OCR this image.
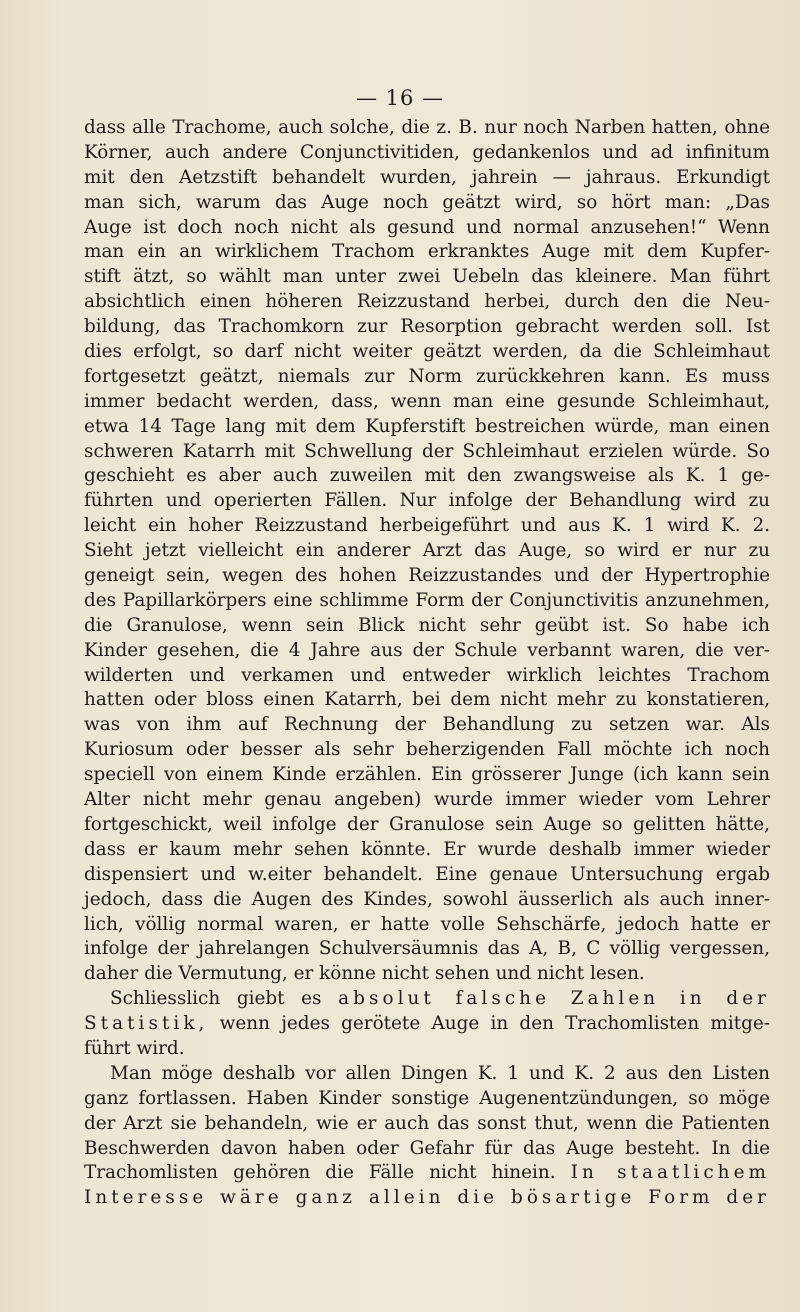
— 16 —
dass alle Trachome, auch solche, die z. B. nur noch Narben hatten, ohne
Körner, auch andere Conjunctivitiden, gedankenlos und ad infinitum
mit den Aetzstift behandelt wurden, jahrein — jahraus. Erkundigt
man sich, warum das Auge noch geätzt wird, so hört man: „Das
Auge ist doch noch nicht als gesund und normal anzusehen!“ Wenn
man ein an wirklichem Trachom erkranktes Auge mit dem Kupfer-
stift ätzt, so wählt man unter zwei Uebeln das kleinere. Man führt
absichtlich einen höheren Reizzustand herbei, durch den die Neu-
bildung, das Trachomkorn zur Resorption gebracht werden soll. Ist
dies erfolgt, so darf nicht weiter geätzt werden, da die Schleimhaut
fortgesetzt geätzt, niemals zur Norm zurückkehren kann. Es muss
immer bedacht werden, dass, wenn man eine gesunde Schleimhaut,
etwa 14 Tage lang mit dem Kupferstift bestreichen würde, man einen
schweren Katarrh mit Schwellung der Schleimhaut erzielen würde. So
geschieht es aber auch zuweilen mit den zwangsweise als K. 1 ge-
führten und operierten Fällen. Nur infolge der Behandlung wird zu
leicht ein hoher Reizzustand herbeigeführt und aus K. 1 wird K. 2.
Sieht jetzt vielleicht ein anderer Arzt das Auge, so wird er nur zu
geneigt sein, wegen des hohen Reizzustandes und der Hypertrophie
des Papillarkörpers eine schlimme Form der Conjunctivitis anzunehmen,
die Granulose, wenn sein Blick nicht sehr geübt ist. So habe ich
Kinder gesehen, die 4 Jahre aus der Schule verbannt waren, die ver-
wilderten und verkamen und entweder wirklich leichtes Trachom
hatten oder bloss einen Katarrh, bei dem nicht mehr zu konstatieren,
was von ihm auf Rechnung der Behandlung zu setzen war. Als
Kuriosum oder besser als sehr beherzigenden Fall möchte ich noch
speciell von einem Kinde erzählen. Ein grösserer Junge (ich kann sein
Alter nicht mehr genau angeben) wurde immer wieder vom Lehrer
fortgeschickt, weil infolge der Granulose sein Auge so gelitten hätte,
dass er kaum mehr sehen könnte. Er wurde deshalb immer wieder
dispensiert und w.eiter behandelt. Eine genaue Untersuchung ergab
jedoch, dass die Augen des Kindes, sowohl äusserlich als auch inner-
lich, völlig normal waren, er hatte volle Sehschärfe, jedoch hatte er
infolge der jahrelangen Schulversäumnis das A, B, C völlig vergessen,
daher die Vermutung, er könne nicht sehen und nicht lesen.
Schliesslich giebt es absolut falsche Zahlen in der
Statistik, wenn jedes gerötete Auge in den Trachomlisten mitge-
führt wird.
Man möge deshalb vor allen Dingen K. 1 und K. 2 aus den Listen
ganz fortlassen. Haben Kinder sonstige Augenentzündungen, so möge
der Arzt sie behandeln, wie er auch das sonst thut, wenn die Patienten
Beschwerden davon haben oder Gefahr für das Auge besteht. In die
Trachomlisten gehören die Fälle nicht hinein. In staatlichem
Interesse wäre ganz allein die bösartige Form der
